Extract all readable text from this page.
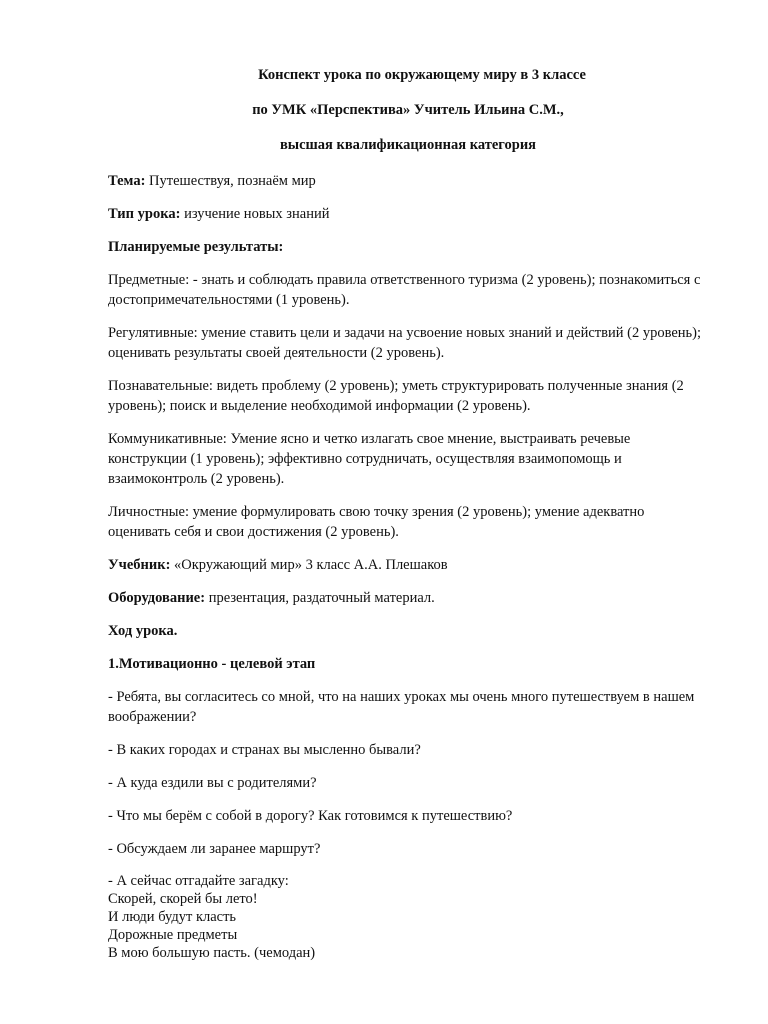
Конспект урока по окружающему миру в 3 классе
по УМК «Перспектива» Учитель Ильина С.М.,
высшая квалификационная категория

Тема: Путешествуя, познаём мир

Тип урока: изучение новых знаний

Планируемые результаты:

Предметные: - знать и соблюдать правила ответственного туризма (2 уровень); познакомиться с достопримечательностями (1 уровень).

Регулятивные: умение ставить цели и задачи на усвоение новых знаний и действий (2 уровень); оценивать результаты своей деятельности (2 уровень).

Познавательные: видеть проблему (2 уровень); уметь структурировать полученные знания (2 уровень); поиск и выделение необходимой информации (2 уровень).

Коммуникативные: Умение ясно и четко излагать свое мнение, выстраивать речевые конструкции (1 уровень); эффективно сотрудничать, осуществляя взаимопомощь и взаимоконтроль (2 уровень).

Личностные: умение формулировать свою точку зрения (2 уровень); умение адекватно оценивать себя и свои достижения (2 уровень).

Учебник: «Окружающий мир» 3 класс А.А. Плешаков

Оборудование: презентация, раздаточный материал.

Ход урока.

1.Мотивационно - целевой этап

- Ребята, вы согласитесь со мной, что на наших уроках мы очень много путешествуем в нашем воображении?

- В каких городах и странах вы мысленно бывали?

- А куда ездили вы с родителями?

- Что мы берём с собой в дорогу? Как готовимся к путешествию?

- Обсуждаем ли заранее маршрут?

- А сейчас отгадайте загадку:

Скорей, скорей бы лето!

И люди будут класть

Дорожные предметы

В мою большую пасть. (чемодан)
